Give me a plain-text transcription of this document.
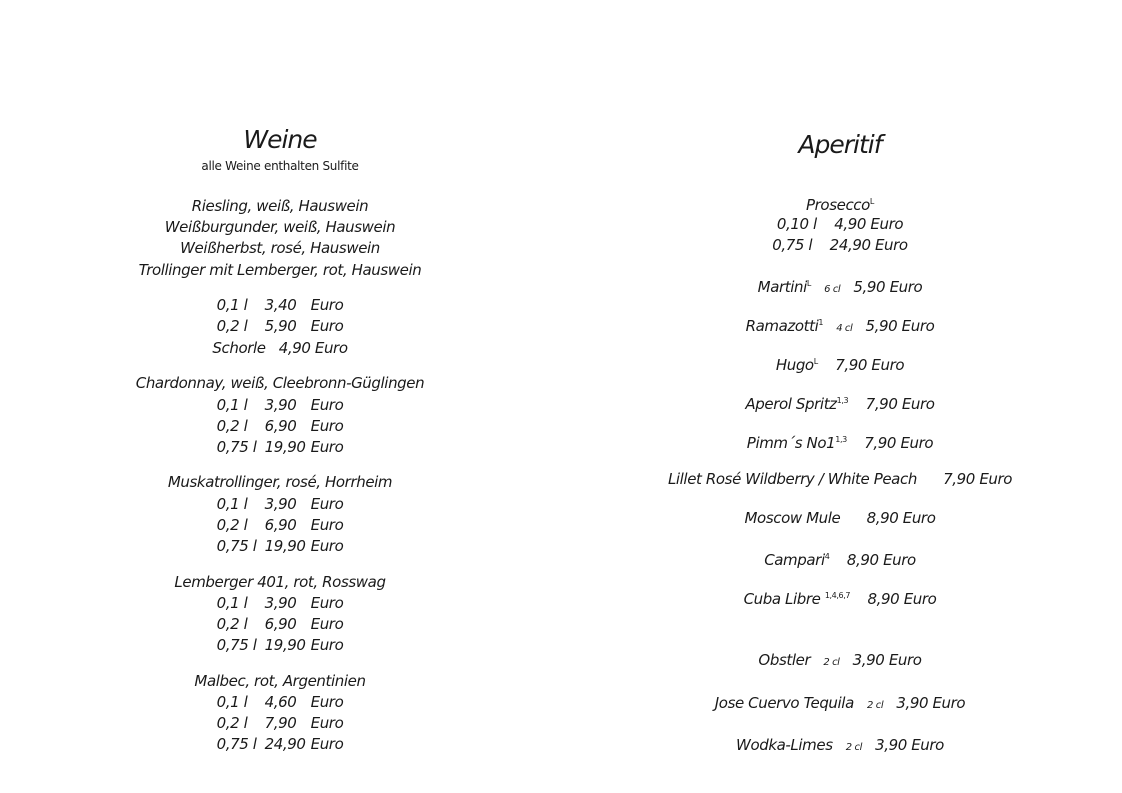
Weine
alle Weine enthalten Sulfite
Riesling, weiß, Hauswein
Weißburgunder, weiß, Hauswein
Weißherbst, rosé, Hauswein
Trollinger mit Lemberger, rot, Hauswein
0,1 l 3,40 Euro
0,2 l 5,90 Euro
Schorle   4,90 Euro
Chardonnay, weiß, Cleebronn-Güglingen
0,1 l 3,90 Euro
0,2 l 6,90 Euro
0,75 l 19,90 Euro
Muskatrollinger, rosé, Horrheim
0,1 l 3,90 Euro
0,2 l 6,90 Euro
0,75 l 19,90 Euro
Lemberger 401, rot, Rosswag
0,1 l 3,90 Euro
0,2 l 6,90 Euro
0,75 l 19,90 Euro
Malbec, rot, Argentinien
0,1 l 4,60 Euro
0,2 l 7,90 Euro
0,75 l 24,90 Euro
Aperitif
Prosecco$^L$
0,10 l    4,90 Euro
0,75 l    24,90 Euro
Martini$^L$   6 cl 5,90 Euro
Ramazotti$^1$   4 cl 5,90 Euro
Hugo$^L$ 7,90 Euro
Aperol Spritz$^{1,3}$ 7,90 Euro
Pimm´s No1$^{1,3}$ 7,90 Euro
Lillet Rosé Wildberry / White Peach 7,90 Euro
Moscow Mule 8,90 Euro
Campari$^4$ 8,90 Euro
Cuba Libre $^{1,4,6,7}$ 8,90 Euro
Obstler 2 cl 3,90 Euro
Jose Cuervo Tequila 2 cl 3,90 Euro
Wodka-Limes 2 cl 3,90 Euro
